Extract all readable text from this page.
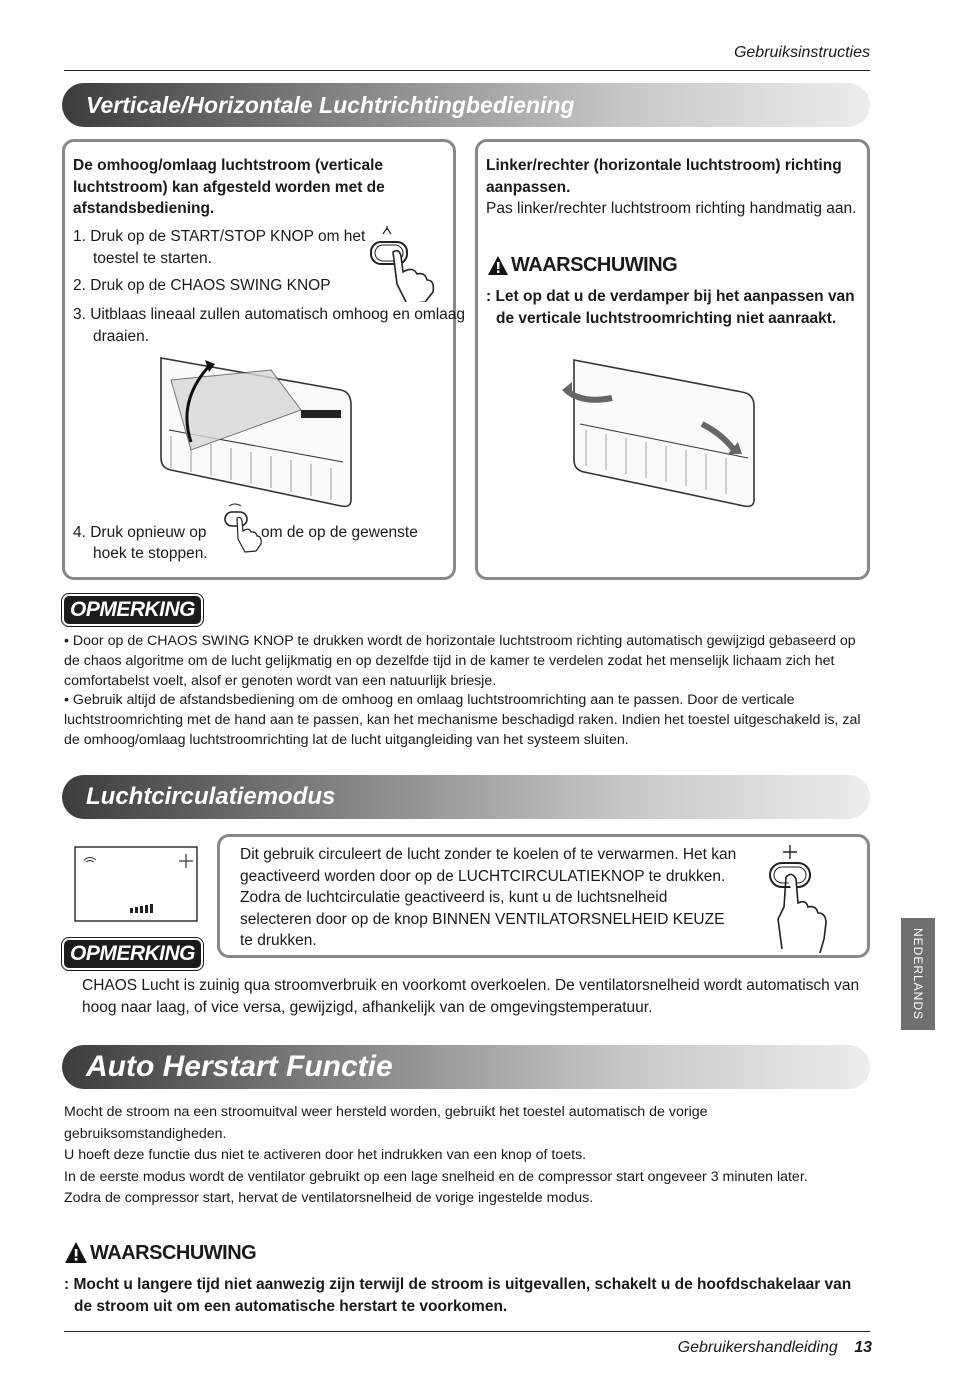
Gebruiksinstructies
Verticale/Horizontale Luchtrichtingbediening
De omhoog/omlaag luchtstroom (verticale luchtstroom) kan afgesteld worden met de afstandsbediening.
1. Druk op de START/STOP KNOP om het toestel te starten.
2. Druk op de CHAOS SWING KNOP
3. Uitblaas lineaal zullen automatisch omhoog en omlaag draaien.
4. Druk opnieuw op	om de op de gewenste
hoek te stoppen.
Linker/rechter (horizontale luchtstroom) richting aanpassen.
Pas linker/rechter luchtstroom richting handmatig aan.
WAARSCHUWING
: Let op dat u de verdamper bij het aanpassen van de verticale luchtstroomrichting niet aanraakt.
OPMERKING
• Door op de CHAOS SWING KNOP te drukken wordt de horizontale luchtstroom richting automatisch gewijzigd gebaseerd op de chaos algoritme om de lucht gelijkmatig en op dezelfde tijd in de kamer te verdelen zodat het menselijk lichaam zich het comfortabelst voelt, alsof er genoten wordt van een natuurlijk briesje.
• Gebruik altijd de afstandsbediening om de omhoog en omlaag luchtstroomrichting aan te passen. Door de verticale luchtstroomrichting met de hand aan te passen, kan het mechanisme beschadigd raken. Indien het toestel uitgeschakeld is, zal de omhoog/omlaag luchtstroomrichting lat de lucht uitgangleiding van het systeem sluiten.
Luchtcirculatiemodus
Dit gebruik circuleert de lucht zonder te koelen of te verwarmen. Het kan geactiveerd worden door op de LUCHTCIRCULATIEKNOP te drukken. Zodra de luchtcirculatie geactiveerd is, kunt u de luchtsnelheid selecteren door op de knop BINNEN VENTILATORSNELHEID KEUZE te drukken.
OPMERKING
CHAOS Lucht is zuinig qua stroomverbruik en voorkomt overkoelen. De ventilatorsnelheid wordt automatisch van hoog naar laag, of vice versa, gewijzigd, afhankelijk van de omgevingstemperatuur.	NEDERLANDS
Auto Herstart Functie
Mocht de stroom na een stroomuitval weer hersteld worden, gebruikt het toestel automatisch de vorige gebruiksomstandigheden.
U hoeft deze functie dus niet te activeren door het indrukken van een knop of toets.
In de eerste modus wordt de ventilator gebruikt op een lage snelheid en de compressor start ongeveer 3 minuten later.
Zodra de compressor start, hervat de ventilatorsnelheid de vorige ingestelde modus.
WAARSCHUWING
: Mocht u langere tijd niet aanwezig zijn terwijl de stroom is uitgevallen, schakelt u de hoofdschakelaar van de stroom uit om een automatische herstart te voorkomen.
Gebruikershandleiding 13
